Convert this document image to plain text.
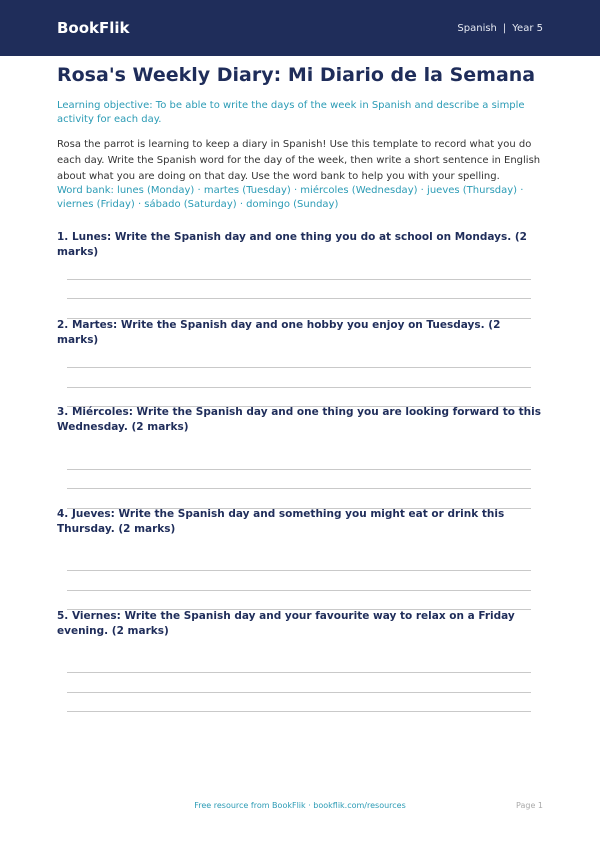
BookFlik	Spanish | Year 5
Rosa's Weekly Diary: Mi Diario de la Semana

Learning objective: To be able to write the days of the week in Spanish and describe a simple activity for each day.

Rosa the parrot is learning to keep a diary in Spanish! Use this template to record what you do each day. Write the Spanish word for the day of the week, then write a short sentence in English about what you are doing on that day. Use the word bank to help you with your spelling.

Word bank: lunes (Monday) · martes (Tuesday) · miércoles (Wednesday) · jueves (Thursday) · viernes (Friday) · sábado (Saturday) · domingo (Sunday)

1. Lunes: Write the Spanish day and one thing you do at school on Mondays. (2 marks)

2. Martes: Write the Spanish day and one hobby you enjoy on Tuesdays. (2 marks)

3. Miércoles: Write the Spanish day and one thing you are looking forward to this Wednesday. (2 marks)

4. Jueves: Write the Spanish day and something you might eat or drink this Thursday. (2 marks)

5. Viernes: Write the Spanish day and your favourite way to relax on a Friday evening. (2 marks)

Free resource from BookFlik · bookflik.com/resources	Page 1
